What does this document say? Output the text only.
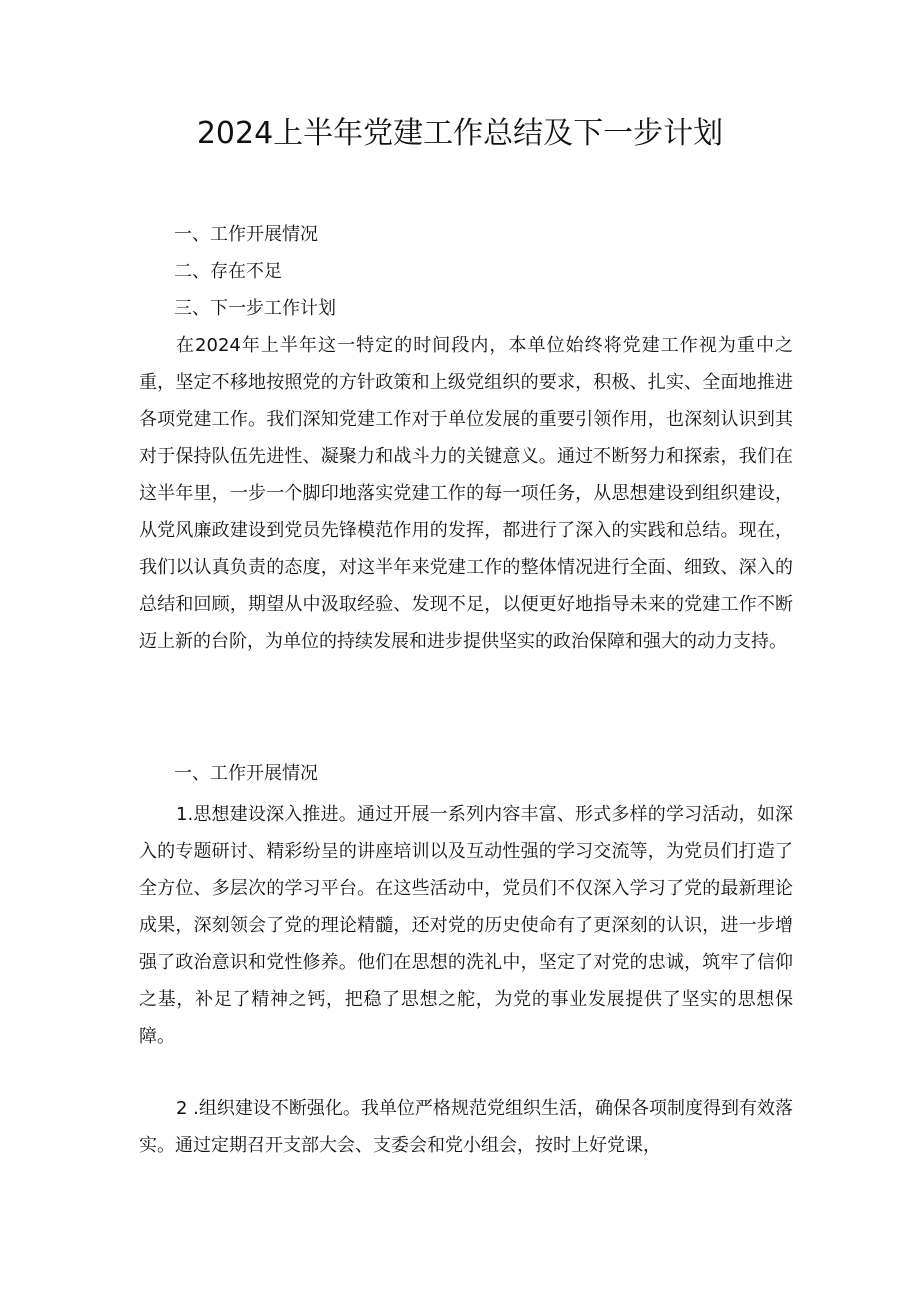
2024上半年党建工作总结及下一步计划
一、工作开展情况
二、存在不足
三、下一步工作计划

在2024年上半年这一特定的时间段内，本单位始终将党建工作视为重中之重，坚定不移地按照党的方针政策和上级党组织的要求，积极、扎实、全面地推进各项党建工作。我们深知党建工作对于单位发展的重要引领作用，也深刻认识到其对于保持队伍先进性、凝聚力和战斗力的关键意义。通过不断努力和探索，我们在这半年里，一步一个脚印地落实党建工作的每一项任务，从思想建设到组织建设，从党风廉政建设到党员先锋模范作用的发挥，都进行了深入的实践和总结。现在，我们以认真负责的态度，对这半年来党建工作的整体情况进行全面、细致、深入的总结和回顾，期望从中汲取经验、发现不足，以便更好地指导未来的党建工作不断迈上新的台阶，为单位的持续发展和进步提供坚实的政治保障和强大的动力支持。

一、工作开展情况

1.思想建设深入推进。通过开展一系列内容丰富、形式多样的学习活动，如深入的专题研讨、精彩纷呈的讲座培训以及互动性强的学习交流等，为党员们打造了全方位、多层次的学习平台。在这些活动中，党员们不仅深入学习了党的最新理论成果，深刻领会了党的理论精髓，还对党的历史使命有了更深刻的认识，进一步增强了政治意识和党性修养。他们在思想的洗礼中，坚定了对党的忠诚，筑牢了信仰之基，补足了精神之钙，把稳了思想之舵，为党的事业发展提供了坚实的思想保障。

2 .组织建设不断强化。我单位严格规范党组织生活，确保各项制度得到有效落实。通过定期召开支部大会、支委会和党小组会，按时上好党课，
